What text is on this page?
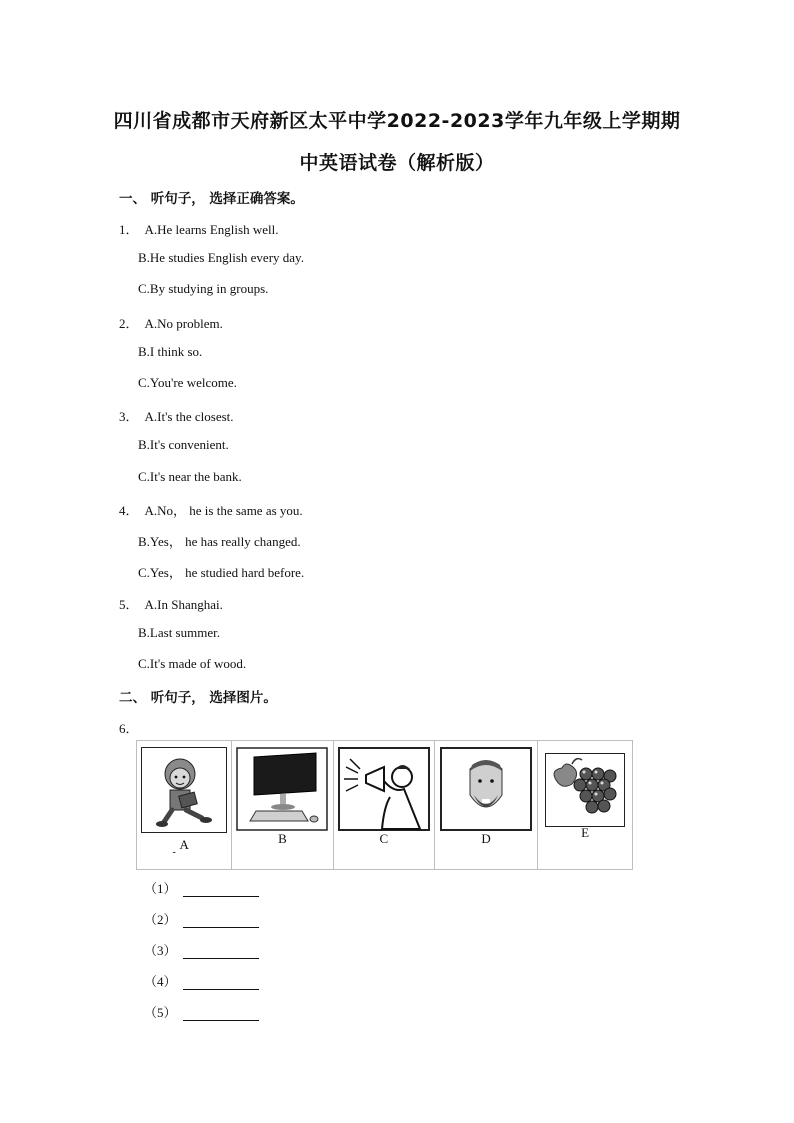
四川省成都市天府新区太平中学2022-2023学年九年级上学期期
中英语试卷（解析版）
一、 听句子， 选择正确答案。
1． A.He learns English well.
B.He studies English every day.
C.By studying in groups.
2． A.No problem.
B.I think so.
C.You're welcome.
3． A.It's the closest.
B.It's convenient.
C.It's near the bank.
4． A.No， he is the same as you.
B.Yes， he has really changed.
C.Yes， he studied hard before.
5． A.In Shanghai.
B.Last summer.
C.It's made of wood.
二、 听句子， 选择图片。
6．
A
-

B	C	D	E
（1）
（2）
（3）
（4）
（5）
